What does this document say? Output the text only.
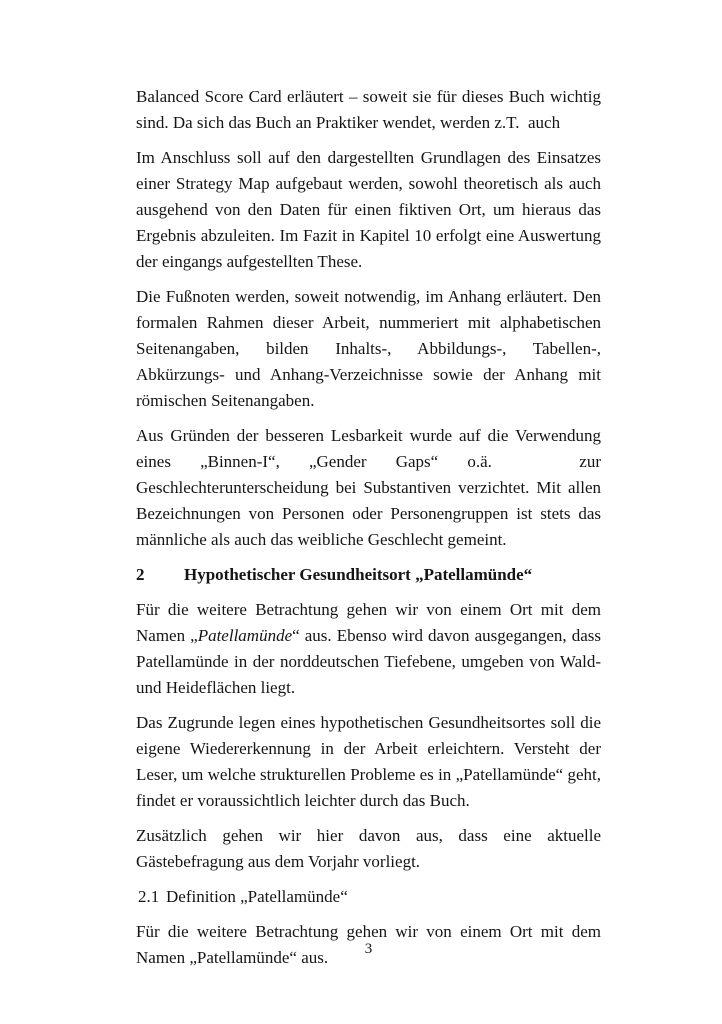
Balanced Score Card erläutert – soweit sie für dieses Buch wichtig sind. Da sich das Buch an Praktiker wendet, werden z.T.  auch

Im Anschluss soll auf den dargestellten Grundlagen des Einsatzes einer Strategy Map aufgebaut werden, sowohl theoretisch als auch ausgehend von den Daten für einen fiktiven Ort, um hieraus das Ergebnis abzuleiten. Im Fazit in Kapitel 10 erfolgt eine Auswertung der eingangs aufgestellten These.

Die Fußnoten werden, soweit notwendig, im Anhang erläutert. Den formalen Rahmen dieser Arbeit, nummeriert mit alphabetischen Seitenangaben, bilden Inhalts-, Abbildungs-, Tabellen-, Abkürzungs- und Anhang-Verzeichnisse sowie der Anhang mit römischen Seitenangaben.

Aus Gründen der besseren Lesbarkeit wurde auf die Verwendung eines „Binnen-I“, „Gender Gaps“ o.ä.   zur Geschlechterunterscheidung bei Substantiven verzichtet. Mit allen Bezeichnungen von Personen oder Personengruppen ist stets das männliche als auch das weibliche Geschlecht gemeint.

2 Hypothetischer Gesundheitsort „Patellamünde“

Für die weitere Betrachtung gehen wir von einem Ort mit dem Namen „Patellamünde“ aus. Ebenso wird davon ausgegangen, dass Patellamünde in der norddeutschen Tiefebene, umgeben von Wald- und Heideflächen liegt.

Das Zugrunde legen eines hypothetischen Gesundheitsortes soll die eigene Wiedererkennung in der Arbeit erleichtern. Versteht der Leser, um welche strukturellen Probleme es in „Patellamünde“ geht, findet er voraussichtlich leichter durch das Buch.

Zusätzlich gehen wir hier davon aus, dass eine aktuelle Gästebefragung aus dem Vorjahr vorliegt.

2.1 Definition „Patellamünde“

Für die weitere Betrachtung gehen wir von einem Ort mit dem Namen „Patellamünde“ aus.	3
